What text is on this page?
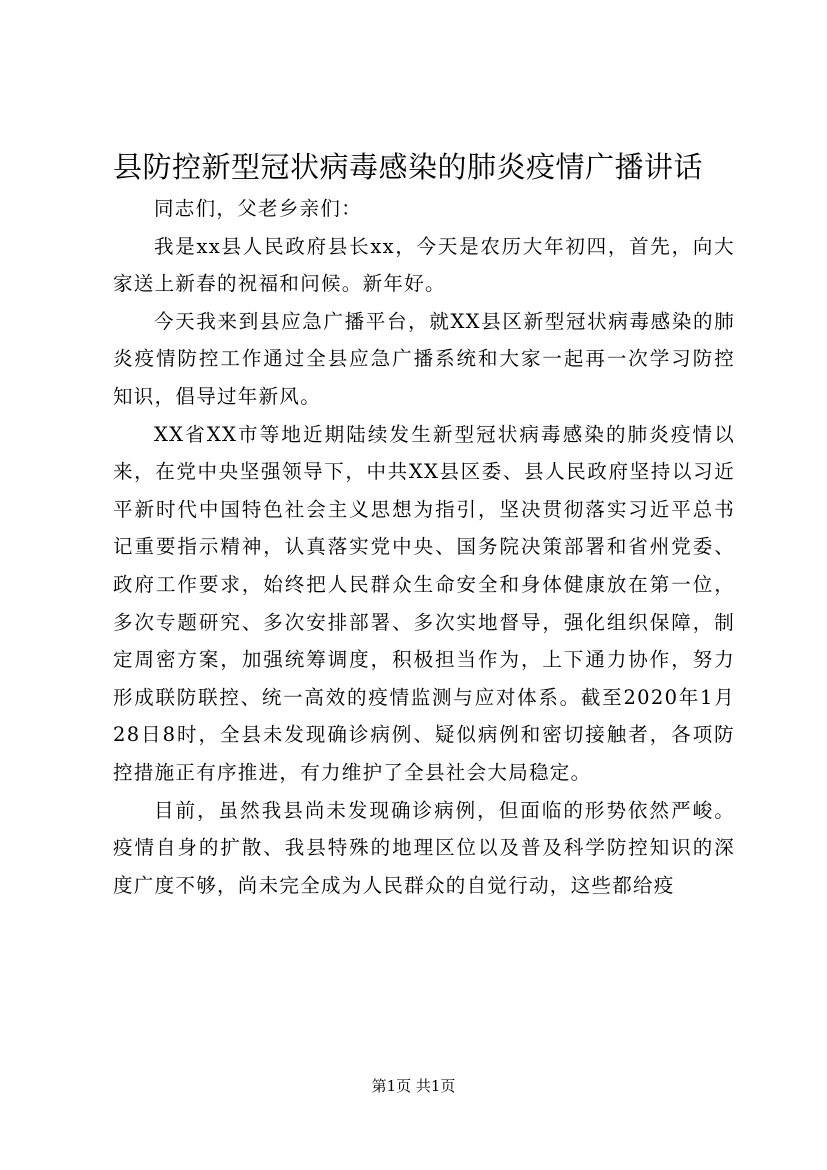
县防控新型冠状病毒感染的肺炎疫情广播讲话

同志们，父老乡亲们：

我是xx县人民政府县长xx，今天是农历大年初四，首先，向大家送上新春的祝福和问候。新年好。

今天我来到县应急广播平台，就XX县区新型冠状病毒感染的肺炎疫情防控工作通过全县应急广播系统和大家一起再一次学习防控知识，倡导过年新风。

XX省XX市等地近期陆续发生新型冠状病毒感染的肺炎疫情以来，在党中央坚强领导下，中共XX县区委、县人民政府坚持以习近平新时代中国特色社会主义思想为指引，坚决贯彻落实习近平总书记重要指示精神，认真落实党中央、国务院决策部署和省州党委、政府工作要求，始终把人民群众生命安全和身体健康放在第一位，多次专题研究、多次安排部署、多次实地督导，强化组织保障，制定周密方案，加强统筹调度，积极担当作为，上下通力协作，努力形成联防联控、统一高效的疫情监测与应对体系。截至2020年1月28日8时，全县未发现确诊病例、疑似病例和密切接触者，各项防控措施正有序推进，有力维护了全县社会大局稳定。

目前，虽然我县尚未发现确诊病例，但面临的形势依然严峻。疫情自身的扩散、我县特殊的地理区位以及普及科学防控知识的深度广度不够，尚未完全成为人民群众的自觉行动，这些都给疫

第1页 共1页
